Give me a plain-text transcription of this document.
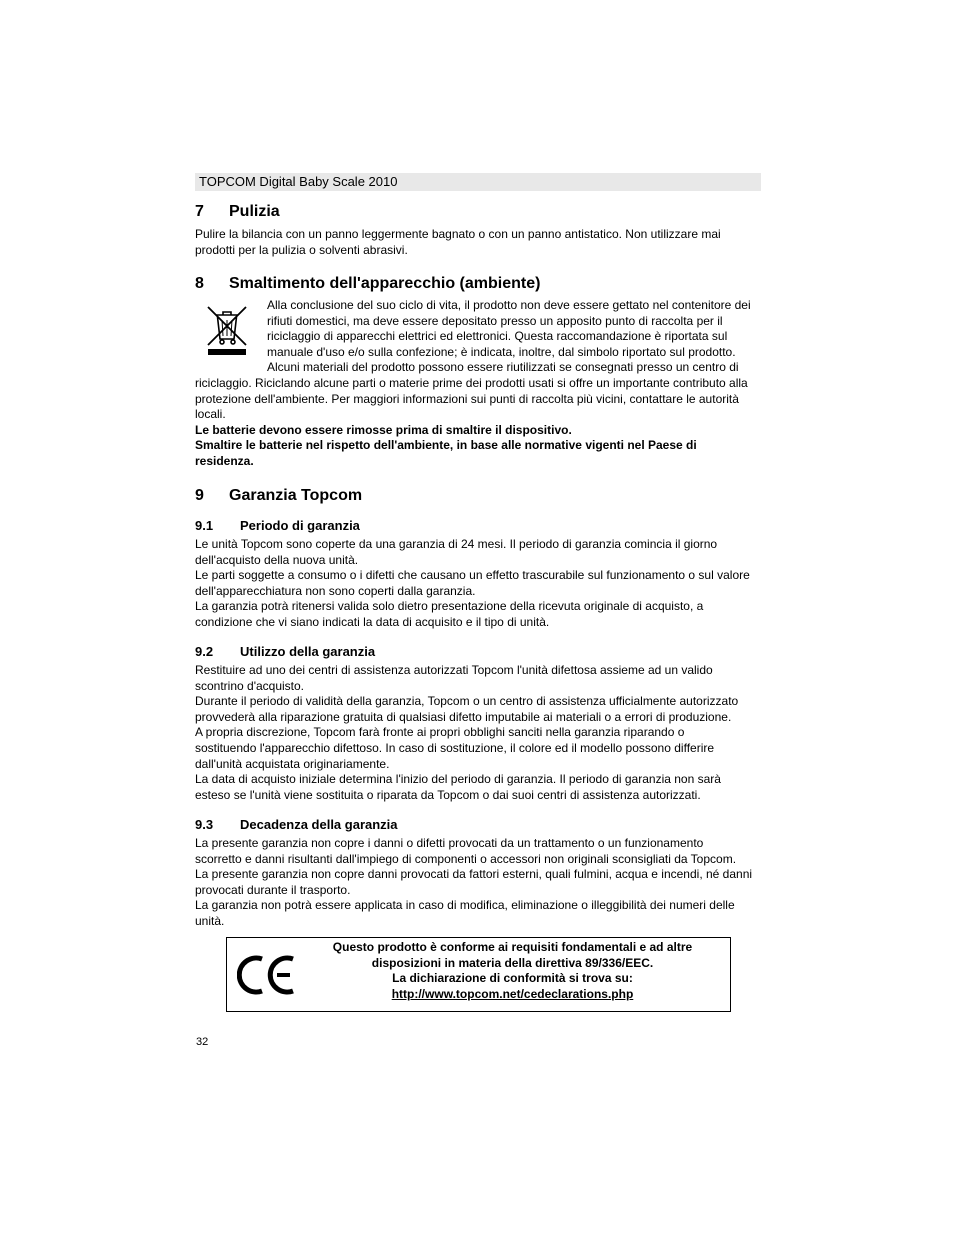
TOPCOM Digital Baby Scale 2010
7 Pulizia
Pulire la bilancia con un panno leggermente bagnato o con un panno antistatico. Non utilizzare mai
prodotti per la pulizia o solventi abrasivi.
8 Smaltimento dell'apparecchio (ambiente)
Alla conclusione del suo ciclo di vita, il prodotto non deve essere gettato nel contenitore dei
rifiuti domestici, ma deve essere depositato presso un apposito punto di raccolta per il
riciclaggio di apparecchi elettrici ed elettronici. Questa raccomandazione è riportata sul
manuale d'uso e/o sulla confezione; è indicata, inoltre, dal simbolo riportato sul prodotto.
Alcuni materiali del prodotto possono essere riutilizzati se consegnati presso un centro di
riciclaggio. Riciclando alcune parti o materie prime dei prodotti usati si offre un importante contributo alla
protezione dell'ambiente. Per maggiori informazioni sui punti di raccolta più vicini, contattare le autorità
locali.
Le batterie devono essere rimosse prima di smaltire il dispositivo.
Smaltire le batterie nel rispetto dell'ambiente, in base alle normative vigenti nel Paese di
residenza.
9 Garanzia Topcom
9.1 Periodo di garanzia
Le unità Topcom sono coperte da una garanzia di 24 mesi. Il periodo di garanzia comincia il giorno
dell'acquisto della nuova unità.
Le parti soggette a consumo o i difetti che causano un effetto trascurabile sul funzionamento o sul valore
dell'apparecchiatura non sono coperti dalla garanzia.
La garanzia potrà ritenersi valida solo dietro presentazione della ricevuta originale di acquisto, a
condizione che vi siano indicati la data di acquisito e il tipo di unità.
9.2 Utilizzo della garanzia
Restituire ad uno dei centri di assistenza autorizzati Topcom l'unità difettosa assieme ad un valido
scontrino d'acquisto.
Durante il periodo di validità della garanzia, Topcom o un centro di assistenza ufficialmente autorizzato
provvederà alla riparazione gratuita di qualsiasi difetto imputabile ai materiali o a errori di produzione.
A propria discrezione, Topcom farà fronte ai propri obblighi sanciti nella garanzia riparando o
sostituendo l'apparecchio difettoso. In caso di sostituzione, il colore ed il modello possono differire
dall'unità acquistata originariamente.
La data di acquisto iniziale determina l'inizio del periodo di garanzia. Il periodo di garanzia non sarà
esteso se l'unità viene sostituita o riparata da Topcom o dai suoi centri di assistenza autorizzati.
9.3 Decadenza della garanzia
La presente garanzia non copre i danni o difetti provocati da un trattamento o un funzionamento
scorretto e danni risultanti dall'impiego di componenti o accessori non originali sconsigliati da Topcom.
La presente garanzia non copre danni provocati da fattori esterni, quali fulmini, acqua e incendi, né danni
provocati durante il trasporto.
La garanzia non potrà essere applicata in caso di modifica, eliminazione o illeggibilità dei numeri delle
unità.
Questo prodotto è conforme ai requisiti fondamentali e ad altre
disposizioni in materia della direttiva 89/336/EEC.
La dichiarazione di conformità si trova su:
http://www.topcom.net/cedeclarations.php
32
